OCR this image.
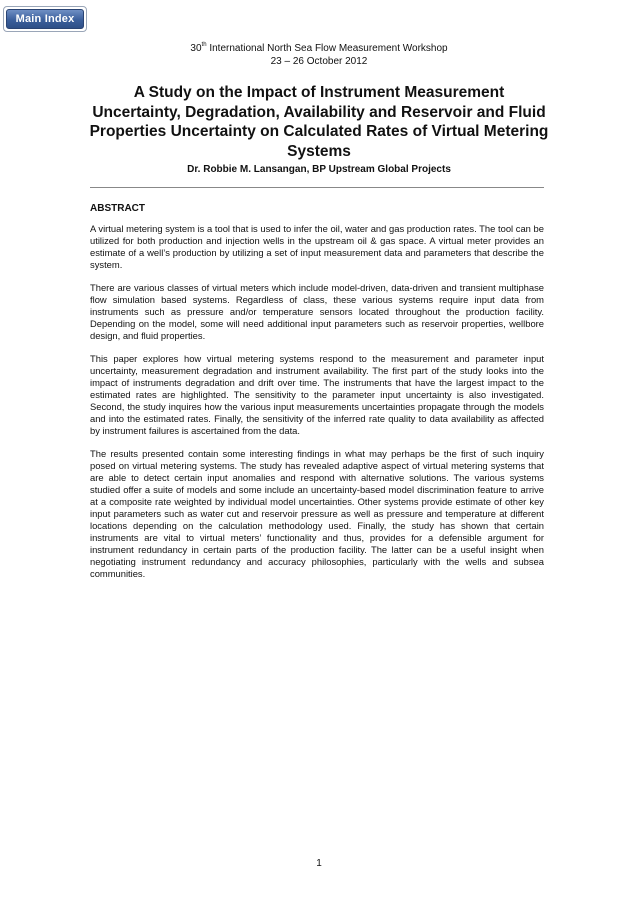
Main Index
30th International North Sea Flow Measurement Workshop
23 – 26 October 2012
A Study on the Impact of Instrument Measurement Uncertainty, Degradation, Availability and Reservoir and Fluid Properties Uncertainty on Calculated Rates of Virtual Metering Systems
Dr. Robbie M. Lansangan, BP Upstream Global Projects
ABSTRACT

A virtual metering system is a tool that is used to infer the oil, water and gas production rates. The tool can be utilized for both production and injection wells in the upstream oil & gas space. A virtual meter provides an estimate of a well’s production by utilizing a set of input measurement data and parameters that describe the system.

There are various classes of virtual meters which include model-driven, data-driven and transient multiphase flow simulation based systems. Regardless of class, these various systems require input data from instruments such as pressure and/or temperature sensors located throughout the production facility. Depending on the model, some will need additional input parameters such as reservoir properties, wellbore design, and fluid properties.

This paper explores how virtual metering systems respond to the measurement and parameter input uncertainty, measurement degradation and instrument availability. The first part of the study looks into the impact of instruments degradation and drift over time. The instruments that have the largest impact to the estimated rates are highlighted. The sensitivity to the parameter input uncertainty is also investigated. Second, the study inquires how the various input measurements uncertainties propagate through the models and into the estimated rates. Finally, the sensitivity of the inferred rate quality to data availability as affected by instrument failures is ascertained from the data.

The results presented contain some interesting findings in what may perhaps be the first of such inquiry posed on virtual metering systems. The study has revealed adaptive aspect of virtual metering systems that are able to detect certain input anomalies and respond with alternative solutions. The various systems studied offer a suite of models and some include an uncertainty-based model discrimination feature to arrive at a composite rate weighted by individual model uncertainties. Other systems provide estimate of other key input parameters such as water cut and reservoir pressure as well as pressure and temperature at different locations depending on the calculation methodology used. Finally, the study has shown that certain instruments are vital to virtual meters’ functionality and thus, provides for a defensible argument for instrument redundancy in certain parts of the production facility. The latter can be a useful insight when negotiating instrument redundancy and accuracy philosophies, particularly with the wells and subsea communities.

1
